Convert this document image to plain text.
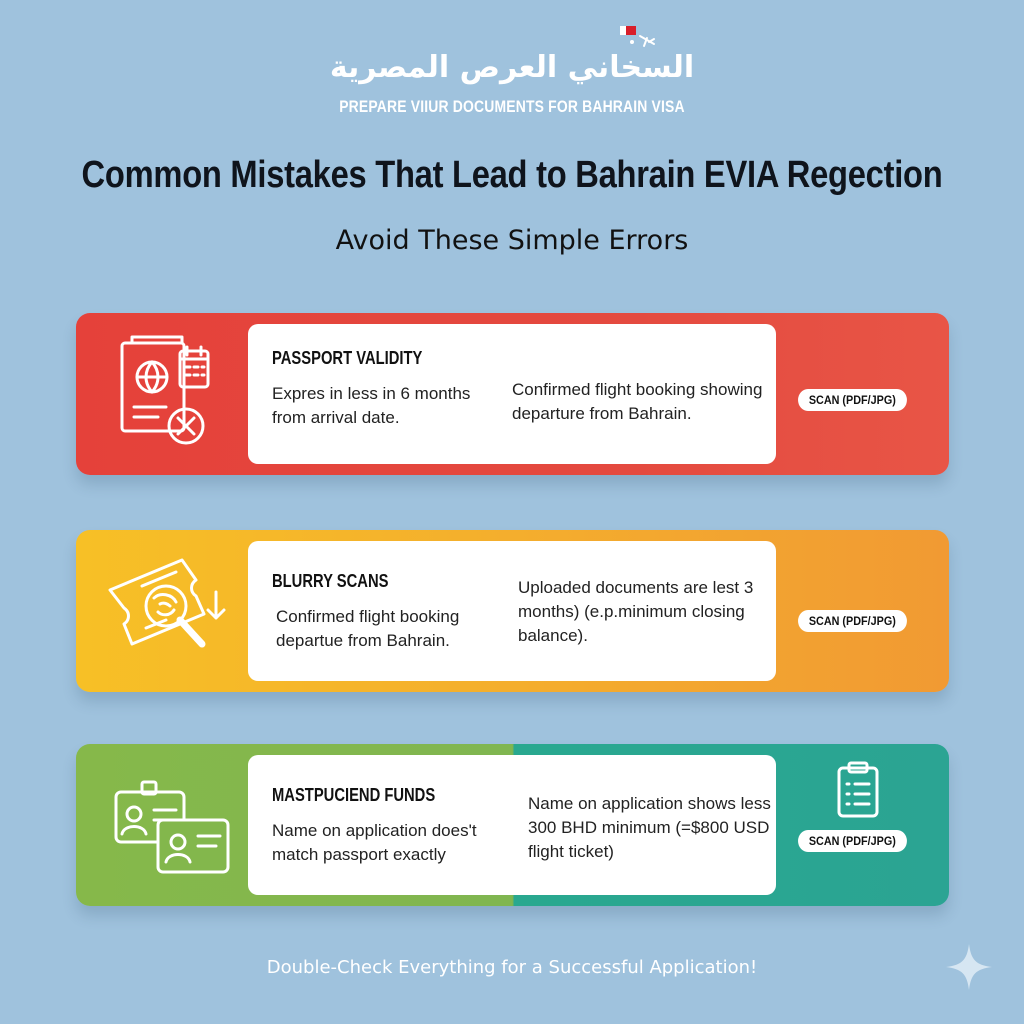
السخاني العرص المصرية
PREPARE VIIUR DOCUMENTS FOR BAHRAIN VISA
Common Mistakes That Lead to Bahrain EVIA Regection
Avoid These Simple Errors
PASSPORT VALIDITY
Expres in less in 6 months from arrival date.
Confirmed flight booking showing departure from Bahrain.
SCAN (PDF/JPG)
BLURRY SCANS
Confirmed flight booking departue from Bahrain.
Uploaded documents are lest 3 months) (e.p.minimum closing balance).
SCAN (PDF/JPG)
MASTPUCIEND FUNDS
Name on application does't match passport exactly
Name on application shows less 300 BHD minimum (=$800 USD flight ticket)
SCAN (PDF/JPG)
Double-Check Everything for a Successful Application!
